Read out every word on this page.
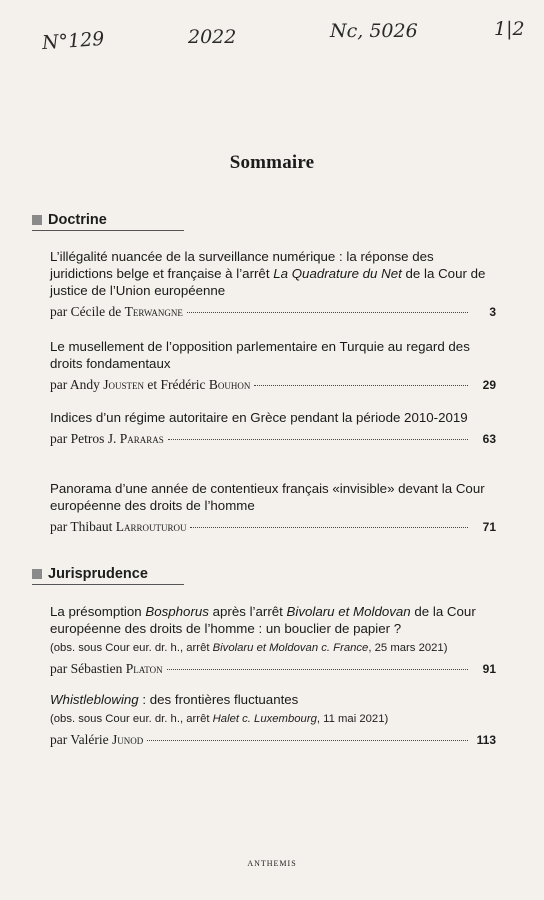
N°129	2022	Nc, 5026	1|2
Sommaire
Doctrine
L’illégalité nuancée de la surveillance numérique : la réponse des juridictions belge et française à l’arrêt La Quadrature du Net de la Cour de justice de l’Union européenne
par Cécile de Terwangne	3
Le musellement de l’opposition parlementaire en Turquie au regard des droits fondamentaux
par Andy Jousten et Frédéric Bouhon	29
Indices d’un régime autoritaire en Grèce pendant la période 2010-2019
par Petros J. Pararas	63
Panorama d’une année de contentieux français «invisible» devant la Cour européenne des droits de l’homme
par Thibaut Larrouturou	71
Jurisprudence
La présomption Bosphorus après l’arrêt Bivolaru et Moldovan de la Cour européenne des droits de l’homme : un bouclier de papier ?
(obs. sous Cour eur. dr. h., arrêt Bivolaru et Moldovan c. France, 25 mars 2021)
par Sébastien Platon	91
Whistleblowing : des frontières fluctuantes
(obs. sous Cour eur. dr. h., arrêt Halet c. Luxembourg, 11 mai 2021)
par Valérie Junod	113
ANTHEMIS
